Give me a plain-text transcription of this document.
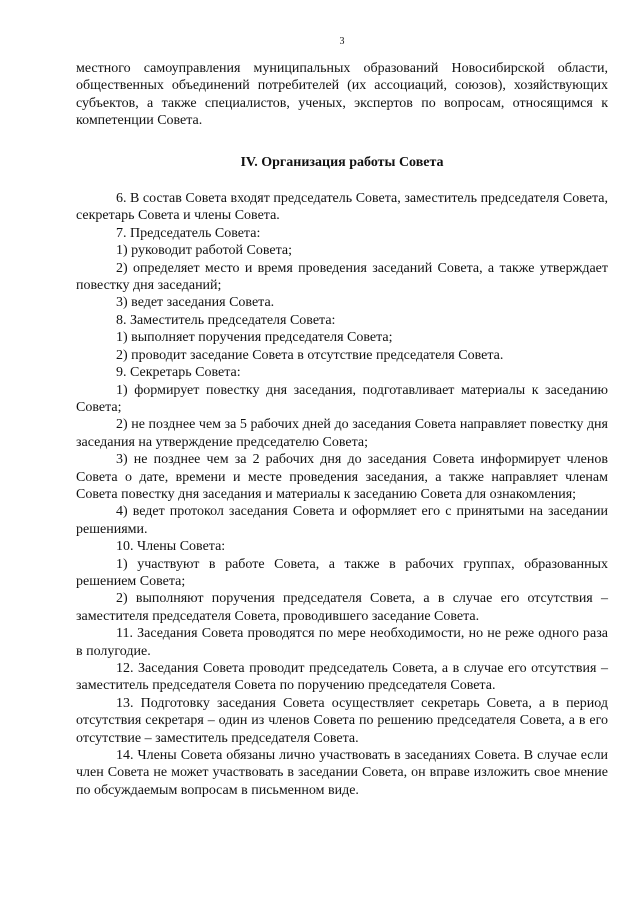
3

местного самоуправления муниципальных образований Новосибирской области, общественных объединений потребителей (их ассоциаций, союзов), хозяйствующих субъектов, а также специалистов, ученых, экспертов по вопросам, относящимся к компетенции Совета.

IV. Организация работы Совета

6. В состав Совета входят председатель Совета, заместитель председателя Совета, секретарь Совета и члены Совета.

7. Председатель Совета:

1) руководит работой Совета;

2) определяет место и время проведения заседаний Совета, а также утверждает повестку дня заседаний;

3) ведет заседания Совета.

8. Заместитель председателя Совета:

1) выполняет поручения председателя Совета;

2) проводит заседание Совета в отсутствие председателя Совета.

9. Секретарь Совета:

1) формирует повестку дня заседания, подготавливает материалы к заседанию Совета;

2) не позднее чем за 5 рабочих дней до заседания Совета направляет повестку дня заседания на утверждение председателю Совета;

3) не позднее чем за 2 рабочих дня до заседания Совета информирует членов Совета о дате, времени и месте проведения заседания, а также направляет членам Совета повестку дня заседания и материалы к заседанию Совета для ознакомления;

4) ведет протокол заседания Совета и оформляет его с принятыми на заседании решениями.

10. Члены Совета:

1) участвуют в работе Совета, а также в рабочих группах, образованных решением Совета;

2) выполняют поручения председателя Совета, а в случае его отсутствия – заместителя председателя Совета, проводившего заседание Совета.

11. Заседания Совета проводятся по мере необходимости, но не реже одного раза в полугодие.

12. Заседания Совета проводит председатель Совета, а в случае его отсутствия – заместитель председателя Совета по поручению председателя Совета.

13. Подготовку заседания Совета осуществляет секретарь Совета, а в период отсутствия секретаря – один из членов Совета по решению председателя Совета, а в его отсутствие – заместитель председателя Совета.

14. Члены Совета обязаны лично участвовать в заседаниях Совета. В случае если член Совета не может участвовать в заседании Совета, он вправе изложить свое мнение по обсуждаемым вопросам в письменном виде.
